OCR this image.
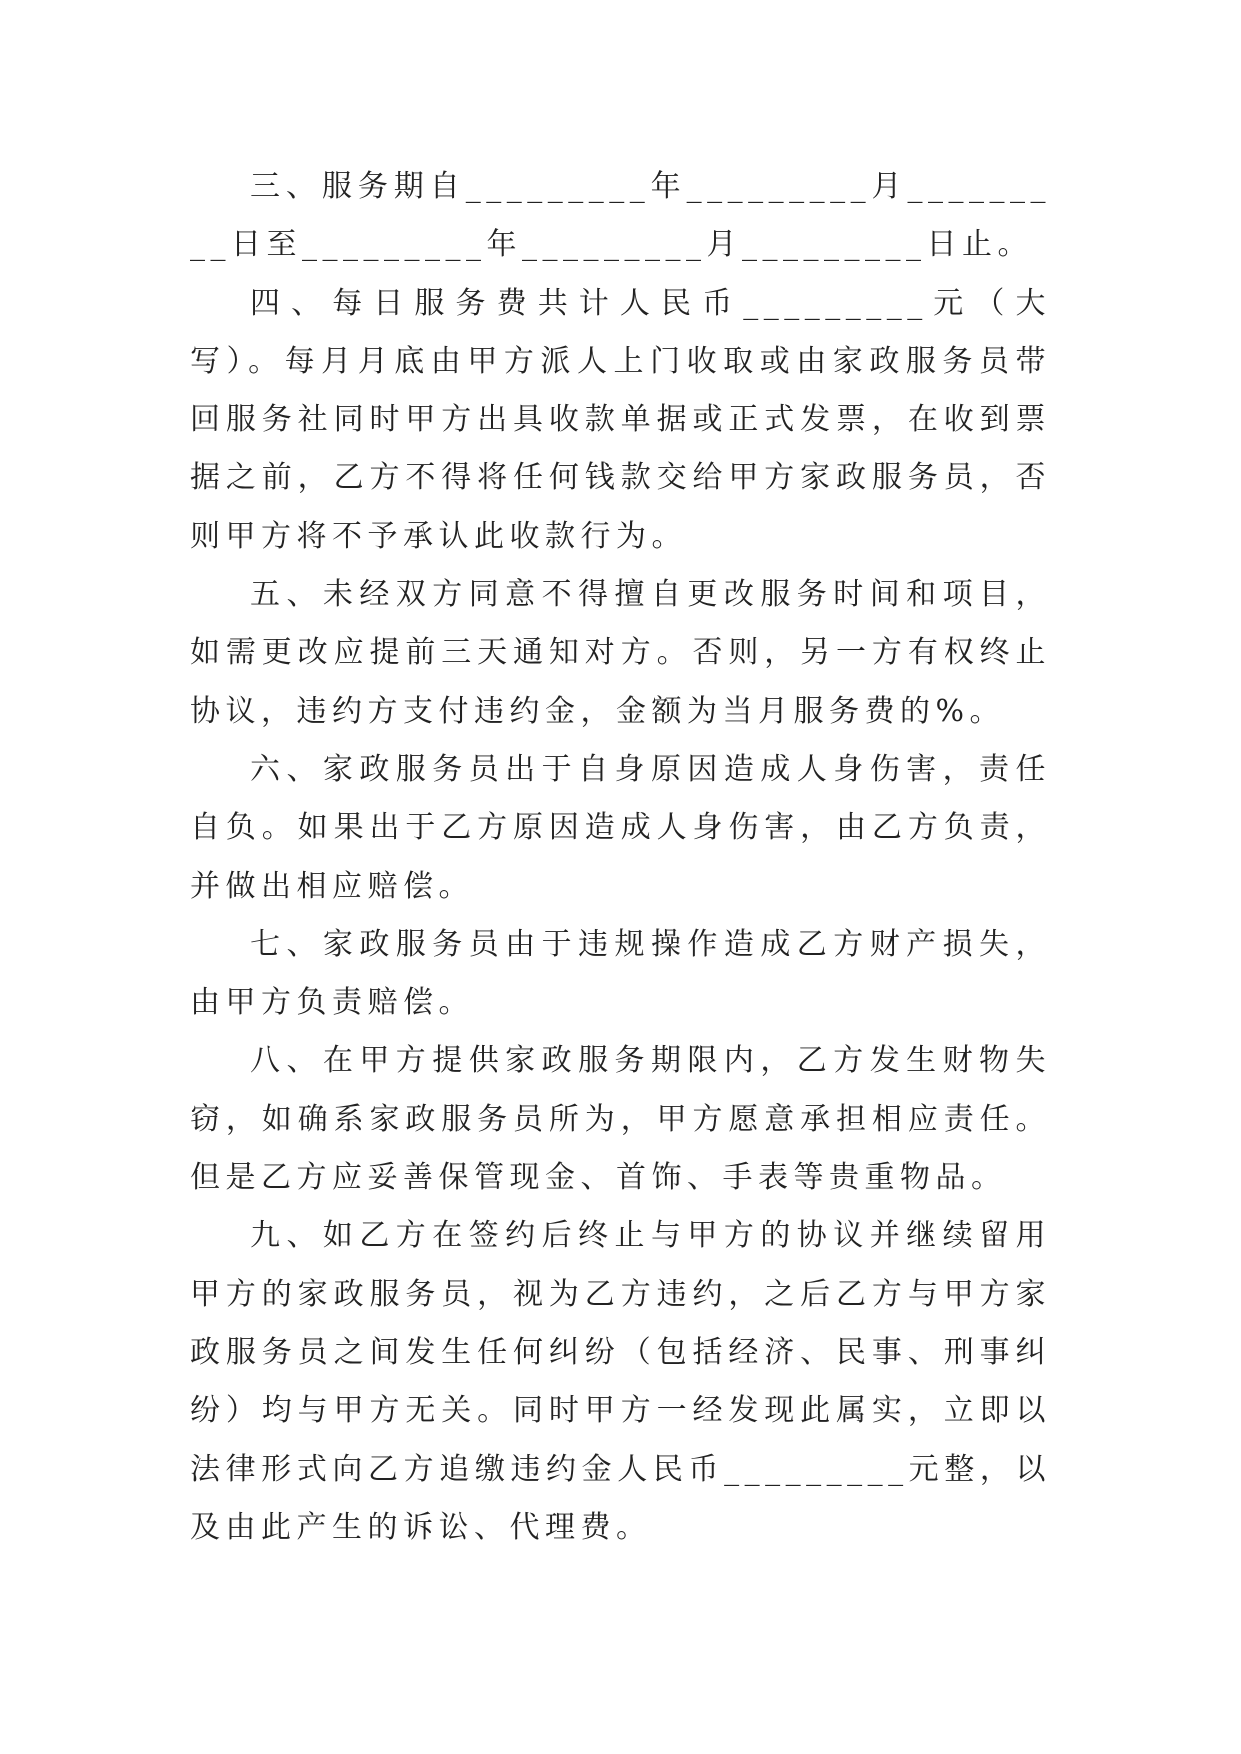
三、服务期自_________年_________月_________日至_________年_________月_________日止。

四、每日服务费共计人民币_________元（大写）。每月月底由甲方派人上门收取或由家政服务员带回服务社同时甲方出具收款单据或正式发票，在收到票据之前，乙方不得将任何钱款交给甲方家政服务员，否则甲方将不予承认此收款行为。

五、未经双方同意不得擅自更改服务时间和项目，如需更改应提前三天通知对方。否则，另一方有权终止协议，违约方支付违约金，金额为当月服务费的%。

六、家政服务员出于自身原因造成人身伤害，责任自负。如果出于乙方原因造成人身伤害，由乙方负责，并做出相应赔偿。

七、家政服务员由于违规操作造成乙方财产损失，由甲方负责赔偿。

八、在甲方提供家政服务期限内，乙方发生财物失窃，如确系家政服务员所为，甲方愿意承担相应责任。但是乙方应妥善保管现金、首饰、手表等贵重物品。

九、如乙方在签约后终止与甲方的协议并继续留用甲方的家政服务员，视为乙方违约，之后乙方与甲方家政服务员之间发生任何纠纷（包括经济、民事、刑事纠纷）均与甲方无关。同时甲方一经发现此属实，立即以法律形式向乙方追缴违约金人民币_________元整，以及由此产生的诉讼、代理费。
